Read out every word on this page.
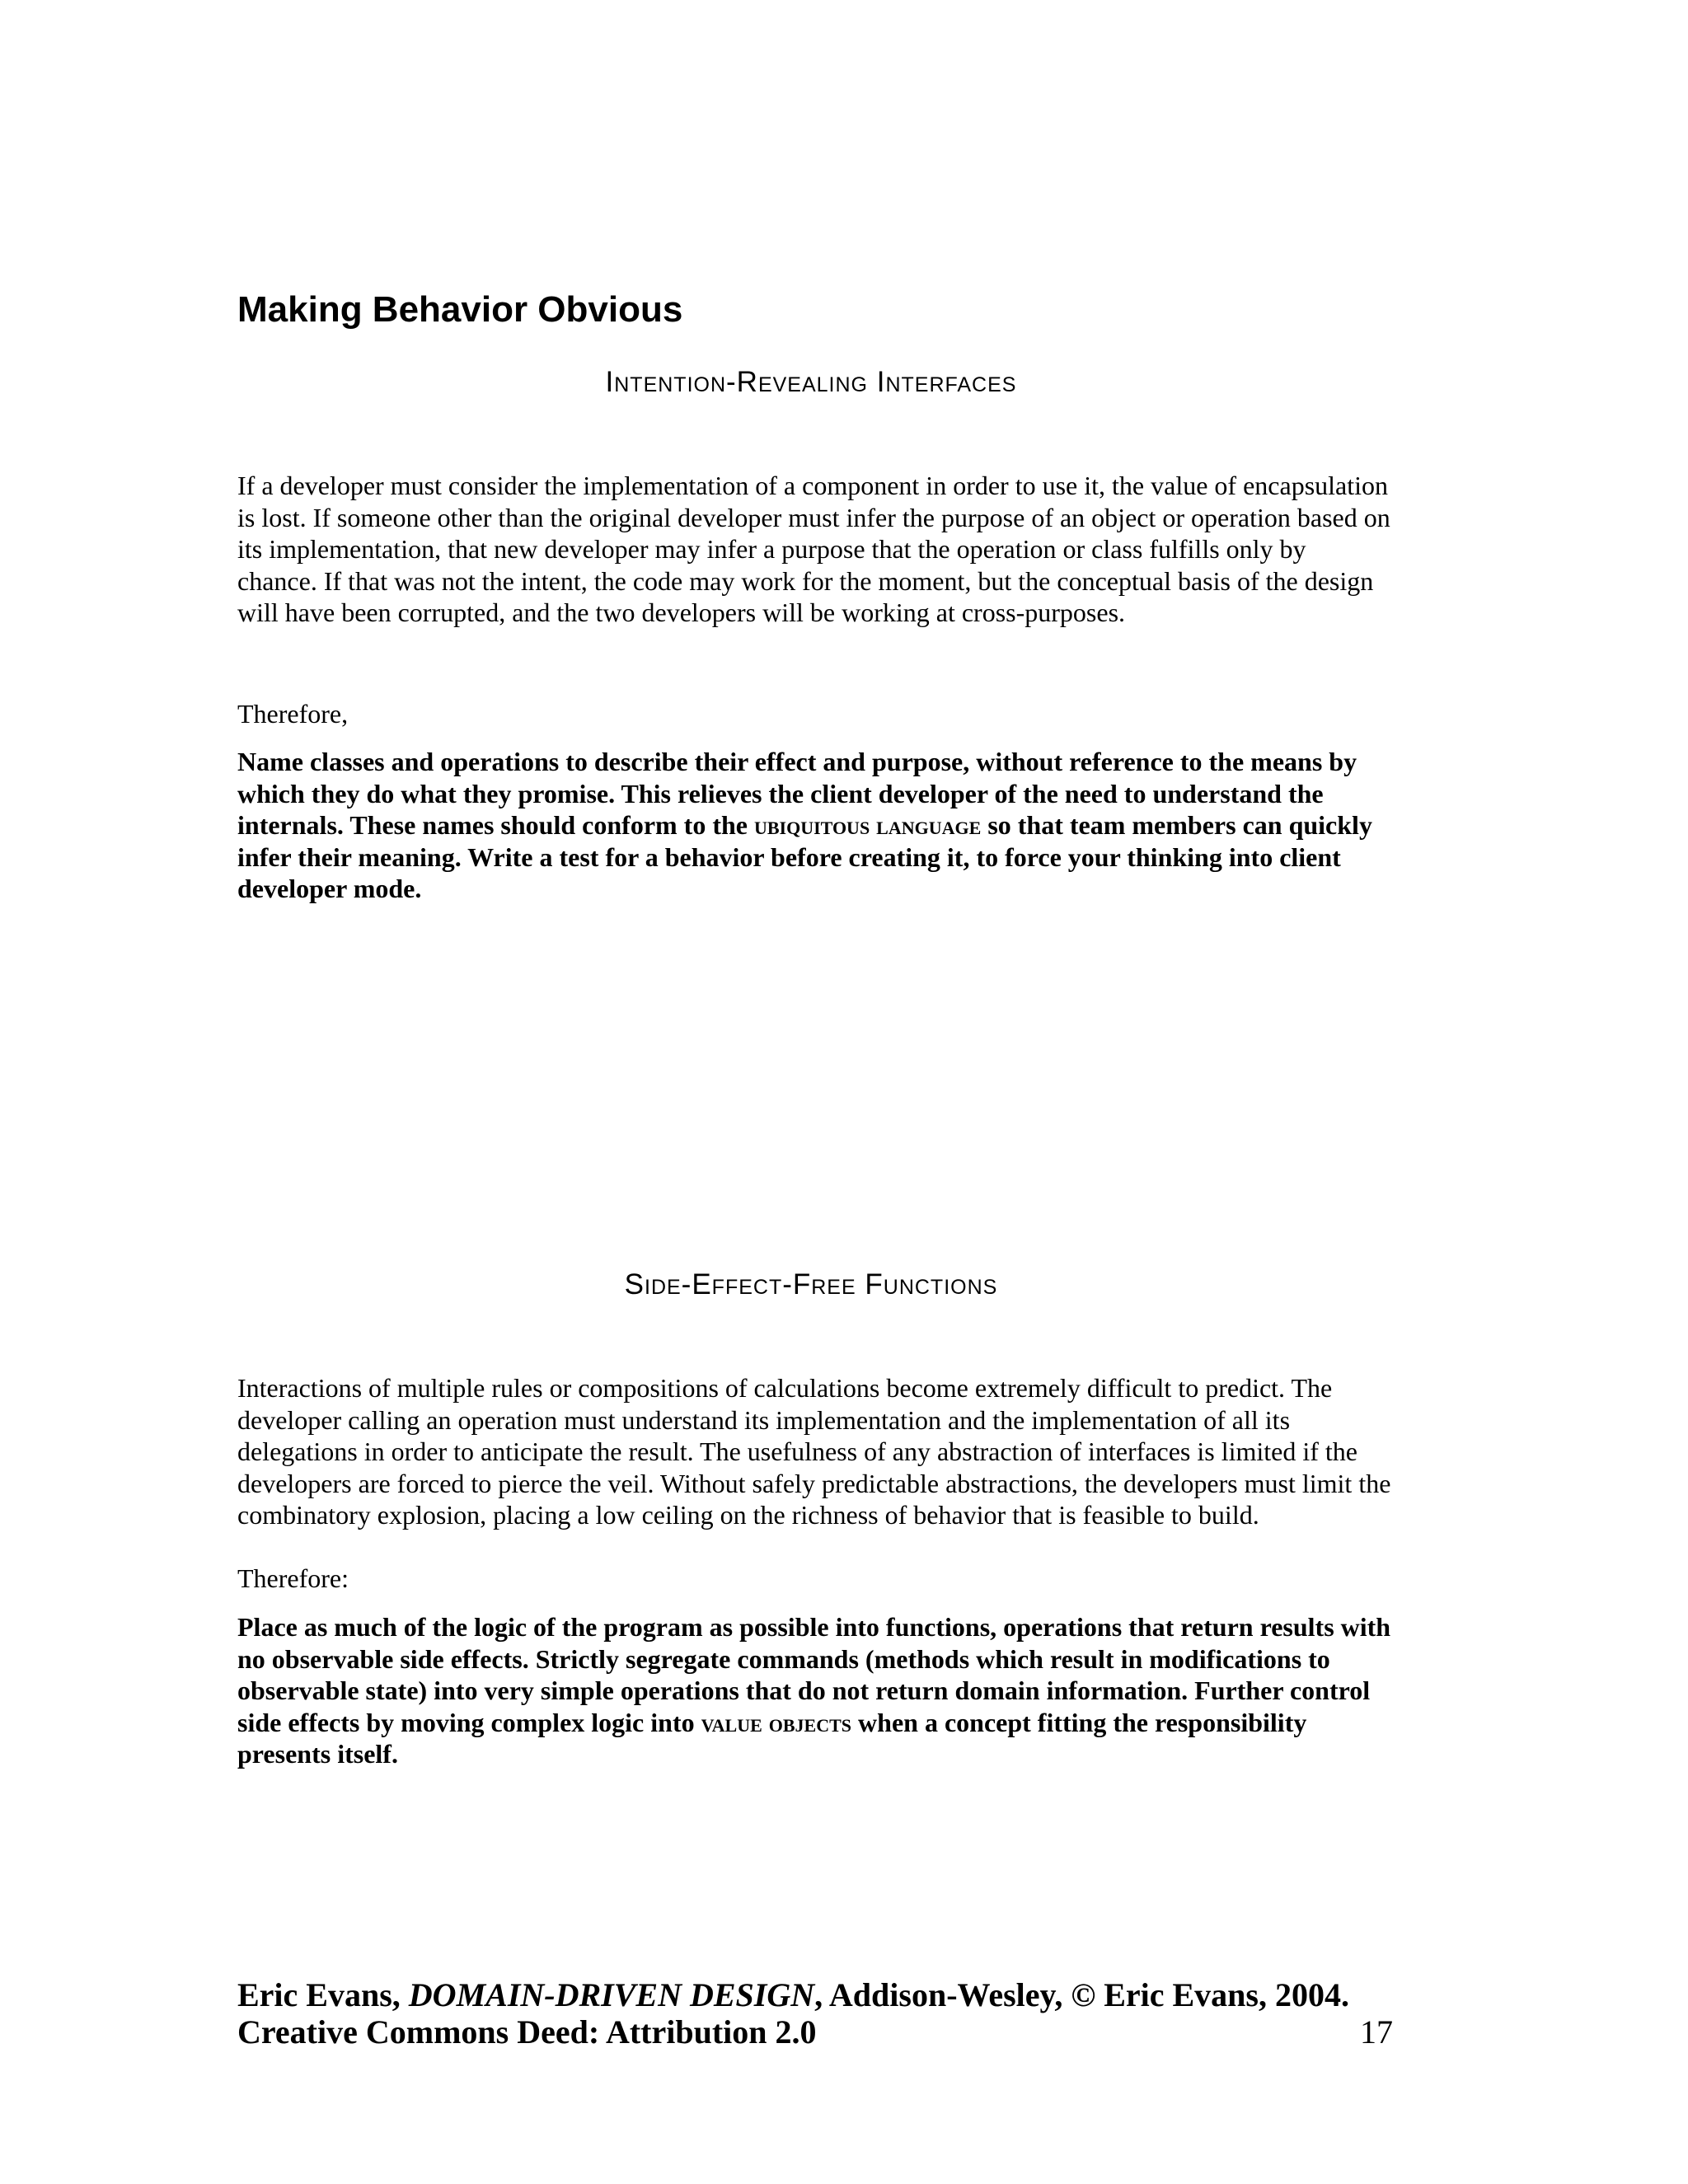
Making Behavior Obvious
Intention-Revealing Interfaces

If a developer must consider the implementation of a component in order to use it, the value of encapsulation is lost. If someone other than the original developer must infer the purpose of an object or operation based on its implementation, that new developer may infer a purpose that the operation or class fulfills only by chance. If that was not the intent, the code may work for the moment, but the conceptual basis of the design will have been corrupted, and the two developers will be working at cross-purposes.

Therefore,

Name classes and operations to describe their effect and purpose, without reference to the means by which they do what they promise. This relieves the client developer of the need to understand the internals. These names should conform to the ubiquitous language so that team members can quickly infer their meaning. Write a test for a behavior before creating it, to force your thinking into client developer mode.

Side-Effect-Free Functions

Interactions of multiple rules or compositions of calculations become extremely difficult to predict. The developer calling an operation must understand its implementation and the implementation of all its delegations in order to anticipate the result. The usefulness of any abstraction of interfaces is limited if the developers are forced to pierce the veil. Without safely predictable abstractions, the developers must limit the combinatory explosion, placing a low ceiling on the richness of behavior that is feasible to build.

Therefore:

Place as much of the logic of the program as possible into functions, operations that return results with no observable side effects. Strictly segregate commands (methods which result in modifications to observable state) into very simple operations that do not return domain information. Further control side effects by moving complex logic into value objects when a concept fitting the responsibility presents itself.

Eric Evans, DOMAIN-DRIVEN DESIGN, Addison-Wesley, © Eric Evans, 2004.
Creative Commons Deed: Attribution 2.0	17
